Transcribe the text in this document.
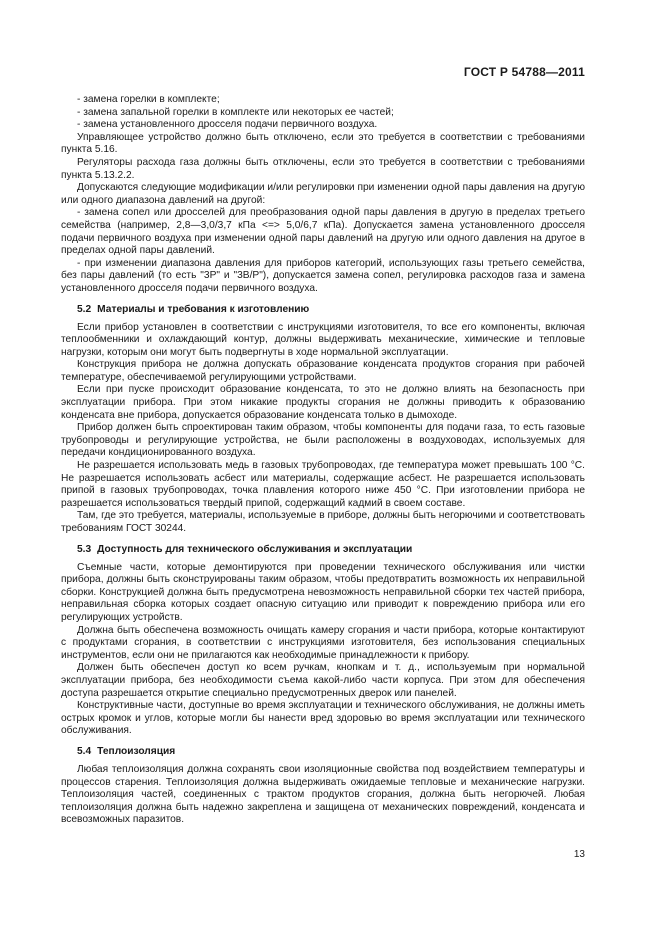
ГОСТ Р 54788—2011

- замена горелки в комплекте;

- замена запальной горелки в комплекте или некоторых ее частей;

- замена установленного дросселя подачи первичного воздуха.

Управляющее устройство должно быть отключено, если это требуется в соответствии с требованиями пункта 5.16.

Регуляторы расхода газа должны быть отключены, если это требуется в соответствии с требованиями пункта 5.13.2.2.

Допускаются следующие модификации и/или регулировки при изменении одной пары давления на другую или одного диапазона давлений на другой:

- замена сопел или дросселей для преобразования одной пары давления в другую в пределах третьего семейства (например, 2,8—3,0/3,7 кПа <=> 5,0/6,7 кПа). Допускается замена установленного дросселя подачи первичного воздуха при изменении одной пары давлений на другую или одного давления на другое в пределах одной пары давлений.

- при изменении диапазона давления для приборов категорий, использующих газы третьего семейства, без пары давлений (то есть "3Р" и "3В/Р"), допускается замена сопел, регулировка расходов газа и замена установленного дросселя подачи первичного воздуха.

5.2 Материалы и требования к изготовлению

Если прибор установлен в соответствии с инструкциями изготовителя, то все его компоненты, включая теплообменники и охлаждающий контур, должны выдерживать механические, химические и тепловые нагрузки, которым они могут быть подвергнуты в ходе нормальной эксплуатации.

Конструкция прибора не должна допускать образование конденсата продуктов сгорания при рабочей температуре, обеспечиваемой регулирующими устройствами.

Если при пуске происходит образование конденсата, то это не должно влиять на безопасность при эксплуатации прибора. При этом никакие продукты сгорания не должны приводить к образованию конденсата вне прибора, допускается образование конденсата только в дымоходе.

Прибор должен быть спроектирован таким образом, чтобы компоненты для подачи газа, то есть газовые трубопроводы и регулирующие устройства, не были расположены в воздуховодах, используемых для передачи кондиционированного воздуха.

Не разрешается использовать медь в газовых трубопроводах, где температура может превышать 100 °С. Не разрешается использовать асбест или материалы, содержащие асбест. Не разрешается использовать припой в газовых трубопроводах, точка плавления которого ниже 450 °С. При изготовлении прибора не разрешается использоваться твердый припой, содержащий кадмий в своем составе.

Там, где это требуется, материалы, используемые в приборе, должны быть негорючими и соответствовать требованиям ГОСТ 30244.

5.3 Доступность для технического обслуживания и эксплуатации

Съемные части, которые демонтируются при проведении технического обслуживания или чистки прибора, должны быть сконструированы таким образом, чтобы предотвратить возможность их неправильной сборки. Конструкцией должна быть предусмотрена невозможность неправильной сборки тех частей прибора, неправильная сборка которых создает опасную ситуацию или приводит к повреждению прибора или его регулирующих устройств.

Должна быть обеспечена возможность очищать камеру сгорания и части прибора, которые контактируют с продуктами сгорания, в соответствии с инструкциями изготовителя, без использования специальных инструментов, если они не прилагаются как необходимые принадлежности к прибору.

Должен быть обеспечен доступ ко всем ручкам, кнопкам и т. д., используемым при нормальной эксплуатации прибора, без необходимости съема какой-либо части корпуса. При этом для обеспечения доступа разрешается открытие специально предусмотренных дверок или панелей.

Конструктивные части, доступные во время эксплуатации и технического обслуживания, не должны иметь острых кромок и углов, которые могли бы нанести вред здоровью во время эксплуатации или технического обслуживания.

5.4 Теплоизоляция

Любая теплоизоляция должна сохранять свои изоляционные свойства под воздействием температуры и процессов старения. Теплоизоляция должна выдерживать ожидаемые тепловые и механические нагрузки. Теплоизоляция частей, соединенных с трактом продуктов сгорания, должна быть негорючей. Любая теплоизоляция должна быть надежно закреплена и защищена от механических повреждений, конденсата и всевозможных паразитов.

13
